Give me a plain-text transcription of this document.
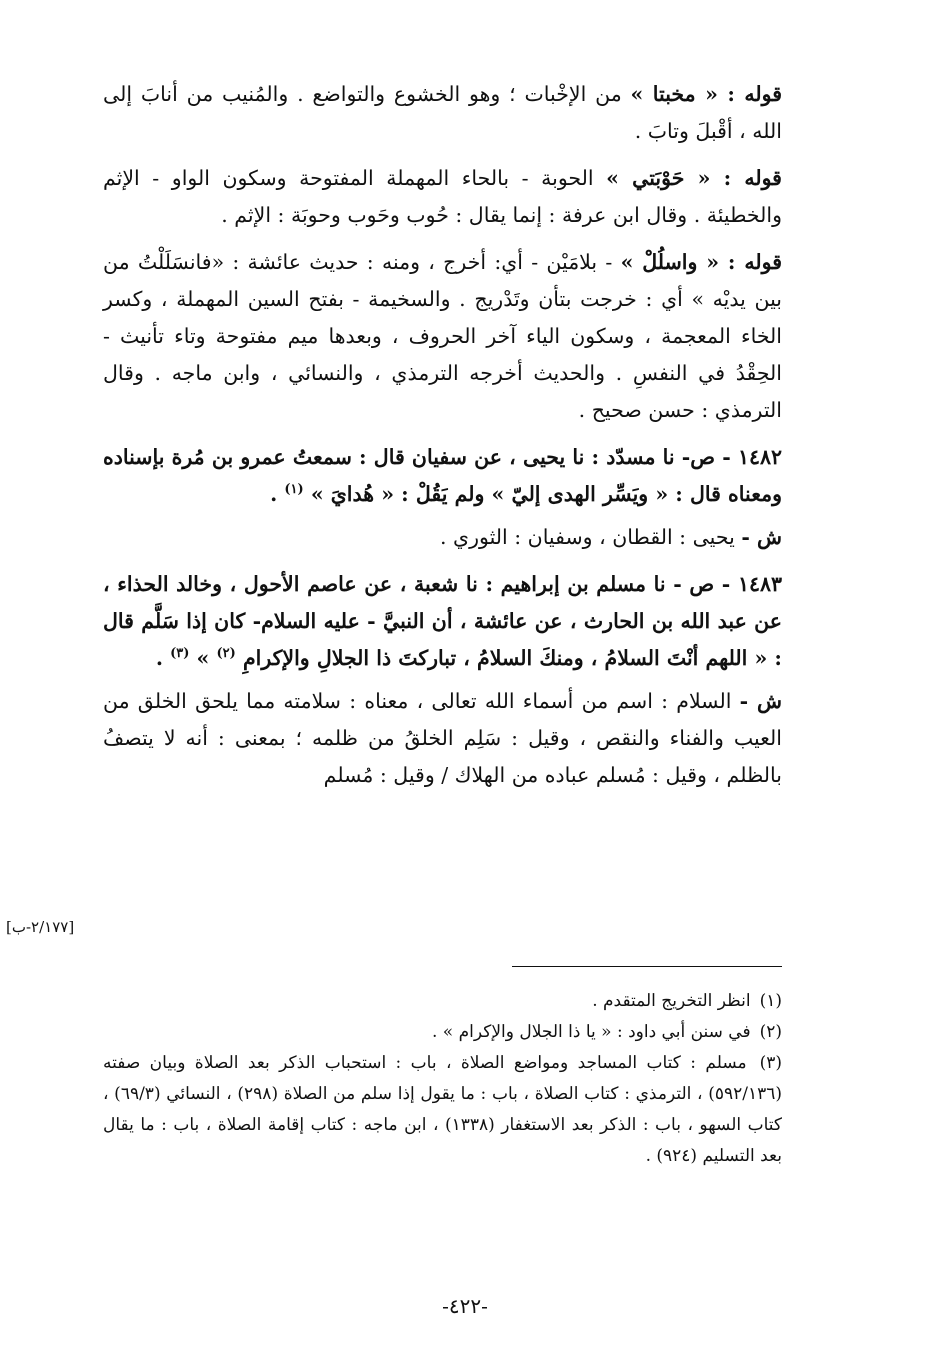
قوله : « مخبتا » من الإخْبات ؛ وهو الخشوع والتواضع . والمُنيب من أنابَ إلى الله ، أقْبلَ وتابَ .

قوله : « حَوْبَتي » الحوبة - بالحاء المهملة المفتوحة وسكون الواو - الإثم والخطيئة . وقال ابن عرفة : إنما يقال : حُوب وحَوب وحوبَة : الإثم .

قوله : « واسلُلْ » - بلامَيْن - أي: أخرج ، ومنه : حديث عائشة : «فانسَلَلْتُ من بين يديْه » أي : خرجت بتأن وتَدْريج . والسخيمة - بفتح السين المهملة ، وكسر الخاء المعجمة ، وسكون الياء آخر الحروف ، وبعدها ميم مفتوحة وتاء تأنيث - الحِقْدُ في النفسِ . والحديث أخرجه الترمذي ، والنسائي ، وابن ماجه . وقال الترمذي : حسن صحيح .

١٤٨٢ - ص- نا مسدّد : نا يحيى ، عن سفيان قال : سمعتُ عمرو بن مُرة بإسناده ومعناه قال : « ويَسِّر الهدى إليّ » ولم يَقُلْ : « هُدايَ » $^{(١)}$ .

ش - يحيى : القطان ، وسفيان : الثوري .

١٤٨٣ - ص - نا مسلم بن إبراهيم : نا شعبة ، عن عاصم الأحول ، وخالد الحذاء ، عن عبد الله بن الحارث ، عن عائشة ، أن النبيَّ - عليه السلام- كان إذا سَلَّم قال : « اللهم أنْتَ السلامُ ، ومنكَ السلامُ ، تباركتَ ذا الجلالِ والإكرامِ $^{(٢)}$ » $^{(٣)}$ .

ش - السلام : اسم من أسماء الله تعالى ، معناه : سلامته مما يلحق الخلق من العيب والفناء والنقص ، وقيل : سَلِم الخلقُ من ظلمه ؛ بمعنى : أنه لا يتصفُ بالظلم ، وقيل : مُسلم عباده من الهلاك / وقيل : مُسلم

[٢/١٧٧-ب]

(١) انظر التخريج المتقدم .

(٢) في سنن أبي داود : « يا ذا الجلال والإكرام » .

(٣) مسلم : كتاب المساجد ومواضع الصلاة ، باب : استحباب الذكر بعد الصلاة وبيان صفته (٥٩٢/١٣٦) ، الترمذي : كتاب الصلاة ، باب : ما يقول إذا سلم من الصلاة (٢٩٨) ، النسائي (٦٩/٣) ، كتاب السهو ، باب : الذكر بعد الاستغفار (١٣٣٨) ، ابن ماجه : كتاب إقامة الصلاة ، باب : ما يقال بعد التسليم (٩٢٤) .

-٤٢٢-
